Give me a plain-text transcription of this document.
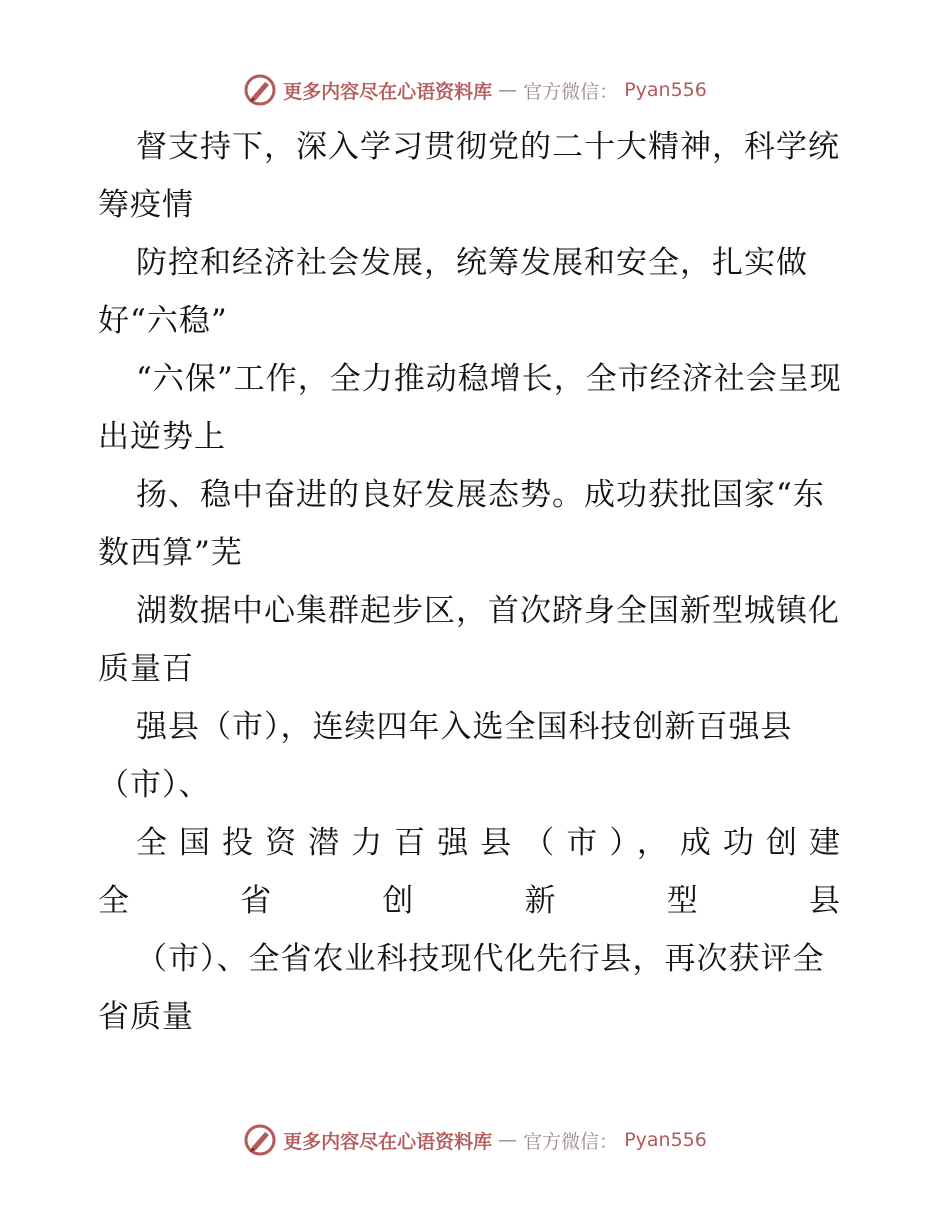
更多内容尽在心语资料库 — 官方微信： Pyan556

督支持下，深入学习贯彻党的二十大精神，科学统筹疫情

防控和经济社会发展，统筹发展和安全，扎实做好“六稳”

“六保”工作，全力推动稳增长，全市经济社会呈现出逆势上

扬、稳中奋进的良好发展态势。成功获批国家“东数西算”芜

湖数据中心集群起步区，首次跻身全国新型城镇化质量百

强县（市），连续四年入选全国科技创新百强县（市）、

全国投资潜力百强县（市），成功创建全省创新型县

（市）、全省农业科技现代化先行县，再次获评全省质量

更多内容尽在心语资料库 — 官方微信： Pyan556
